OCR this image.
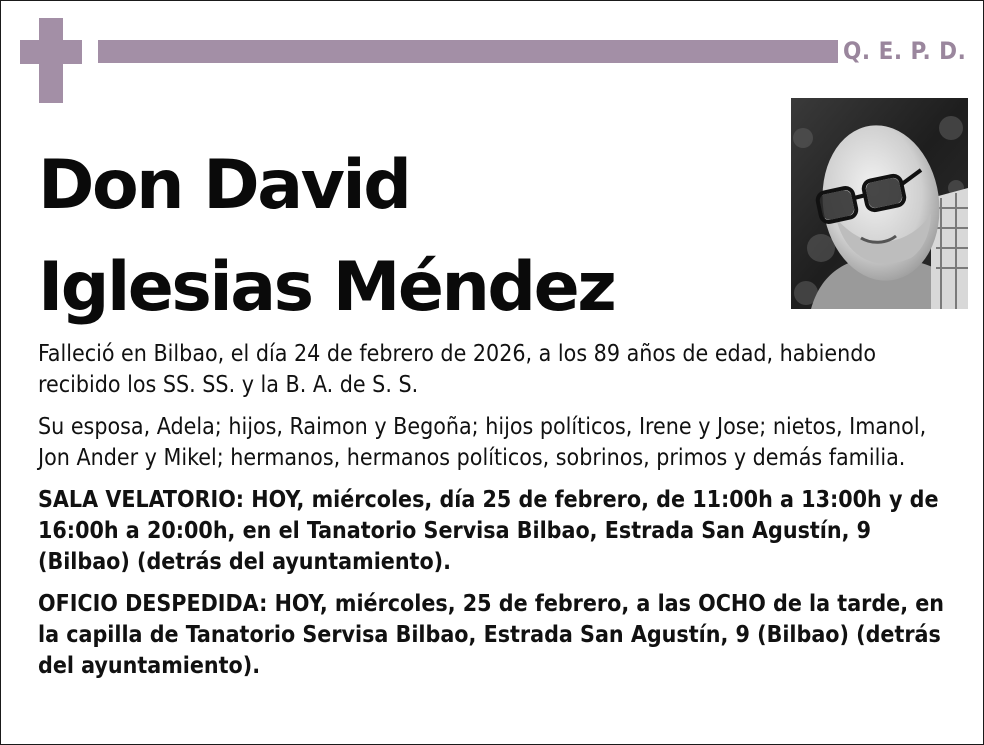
Q. E. P. D.
Don David
Iglesias Méndez

Falleció en Bilbao, el día 24 de febrero de 2026, a los 89 años de edad, habiendo recibido los SS. SS. y la B. A. de S. S.

Su esposa, Adela; hijos, Raimon y Begoña; hijos políticos, Irene y Jose; nietos, Imanol, Jon Ander y Mikel; hermanos, hermanos políticos, sobrinos, primos y demás familia.

SALA VELATORIO: HOY, miércoles, día 25 de febrero, de 11:00h a 13:00h y de 16:00h a 20:00h, en el Tanatorio Servisa Bilbao, Estrada San Agustín, 9 (Bilbao) (detrás del ayuntamiento).

OFICIO DESPEDIDA: HOY, miércoles, 25 de febrero, a las OCHO de la tarde, en la capilla de Tanatorio Servisa Bilbao, Estrada San Agustín, 9 (Bilbao) (detrás del ayuntamiento).
